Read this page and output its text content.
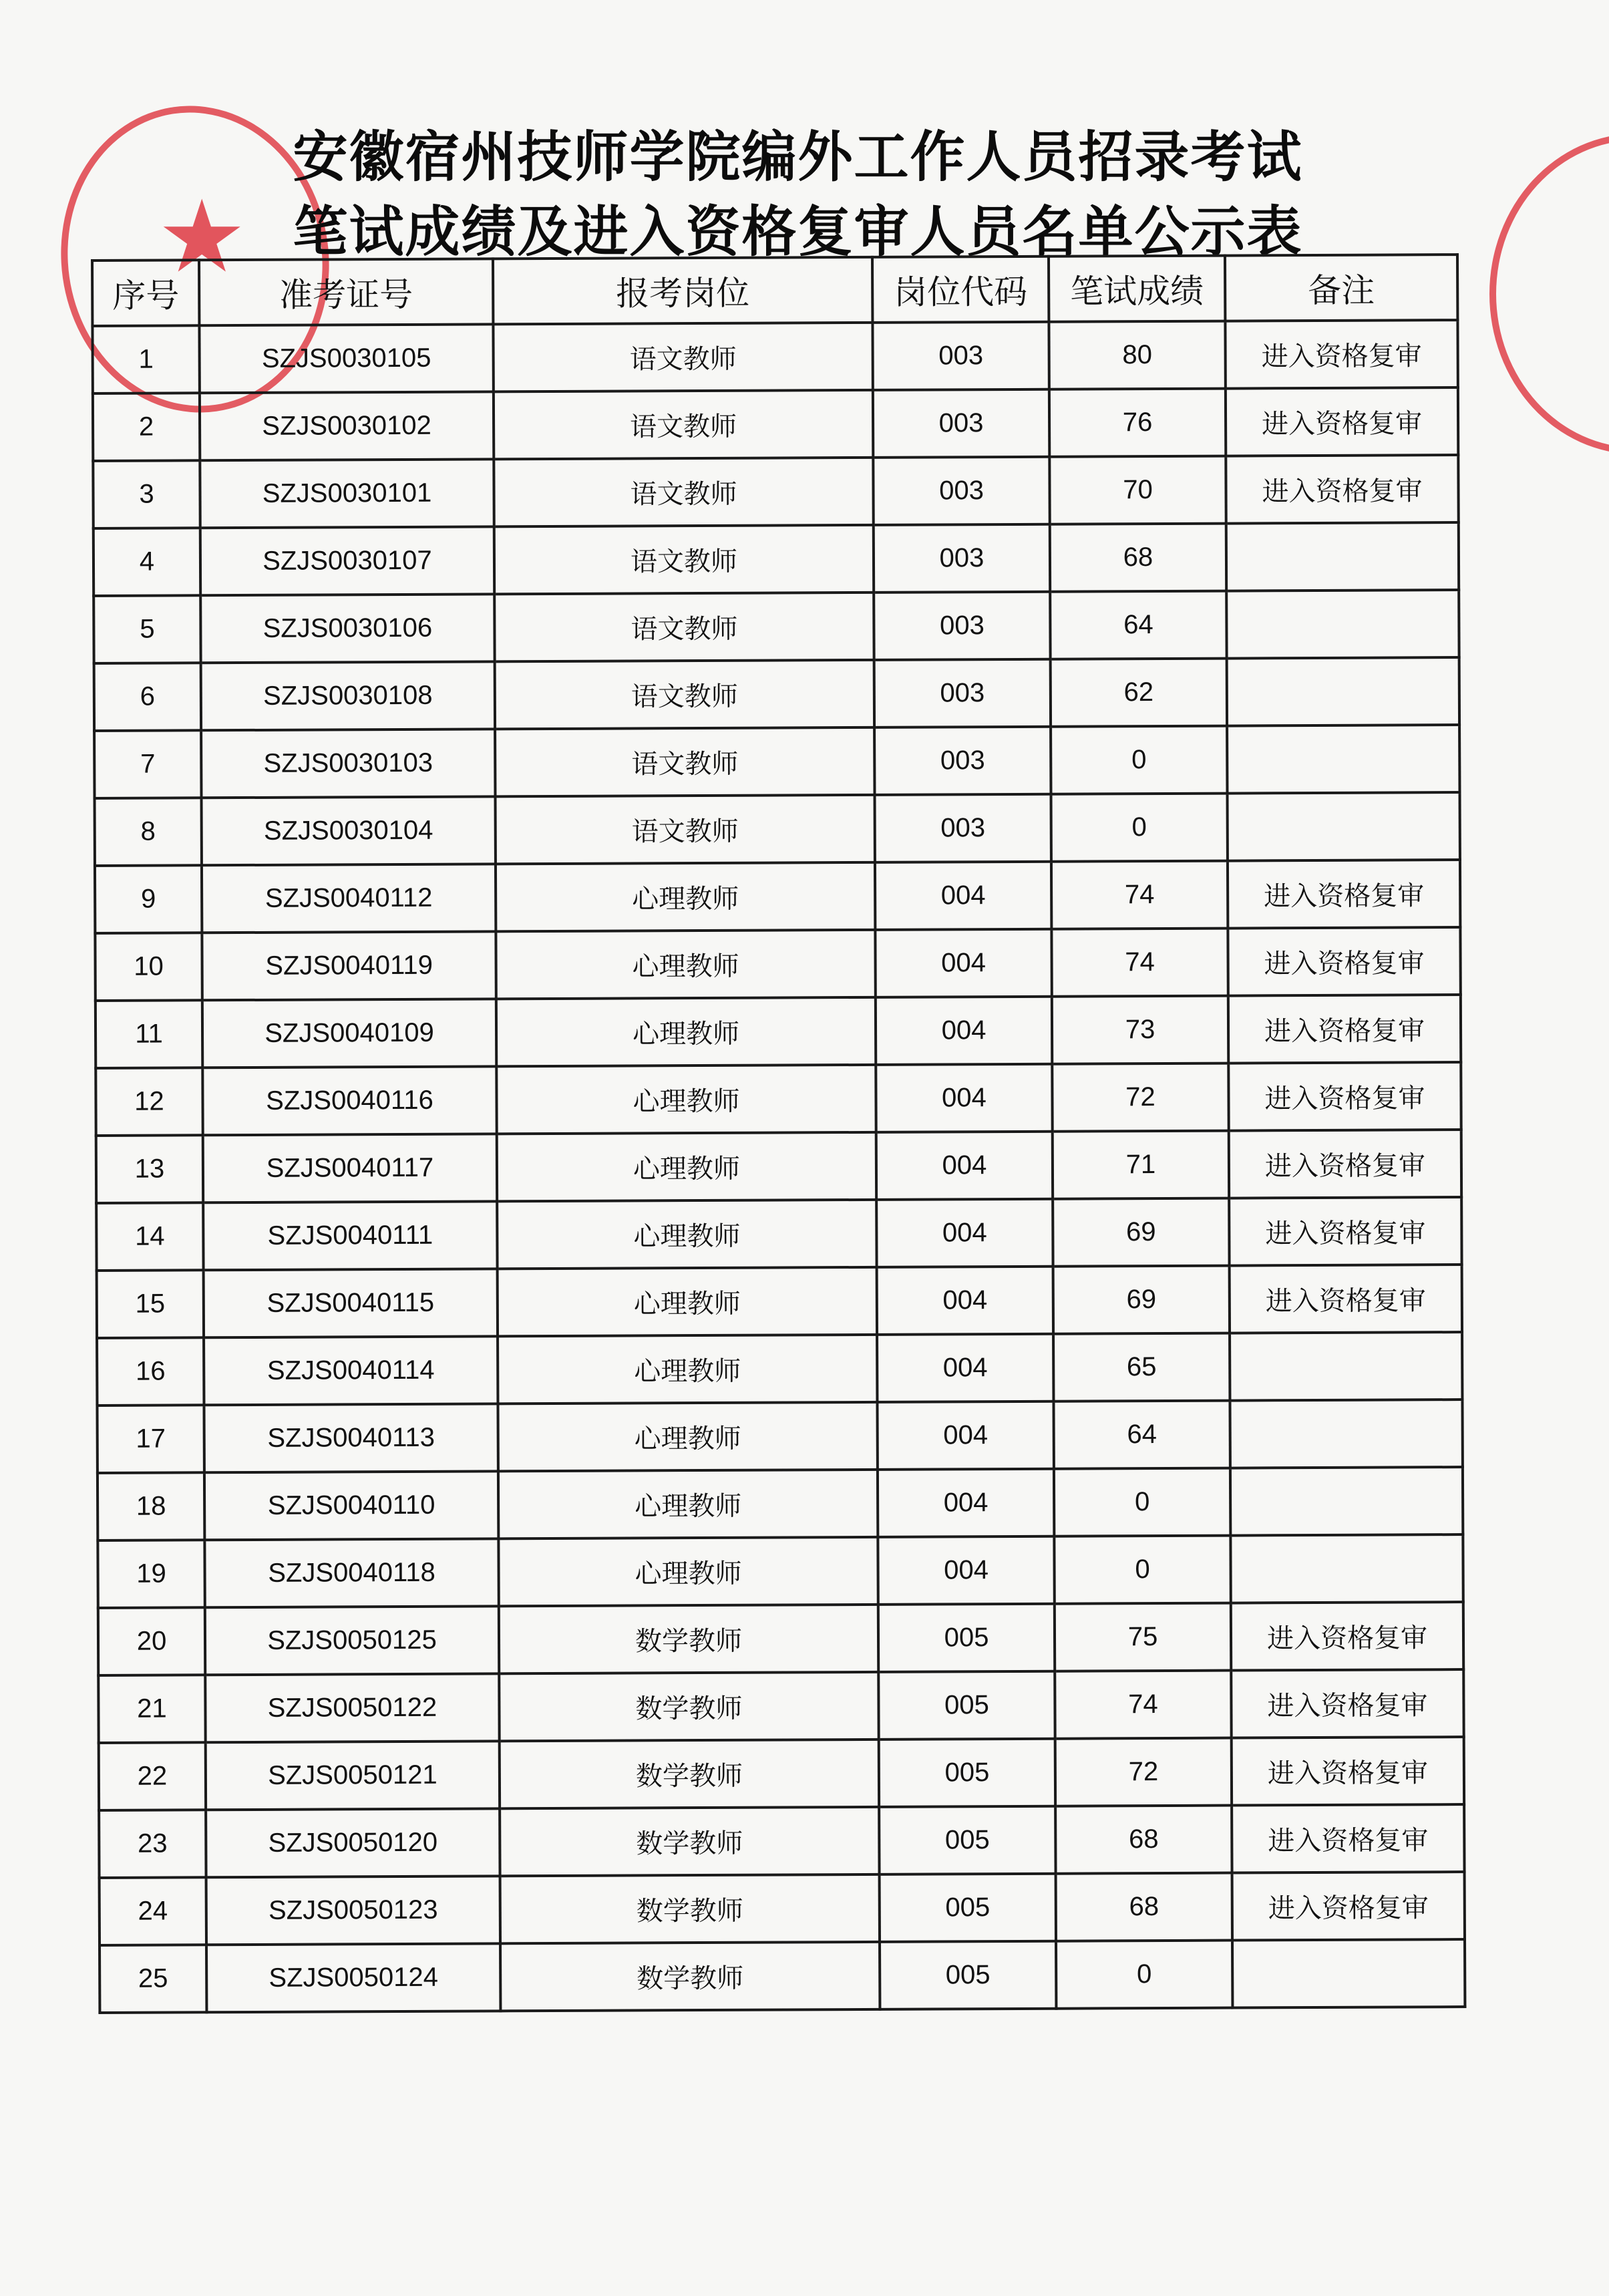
★
安徽宿州技师学院编外工作人员招录考试
笔试成绩及进入资格复审人员名单公示表
序号	准考证号	报考岗位	岗位代码	笔试成绩	备注
1	SZJS0030105	语文教师	003	80	进入资格复审
2	SZJS0030102	语文教师	003	76	进入资格复审
3	SZJS0030101	语文教师	003	70	进入资格复审
4	SZJS0030107	语文教师	003	68	
5	SZJS0030106	语文教师	003	64	
6	SZJS0030108	语文教师	003	62	
7	SZJS0030103	语文教师	003	0	
8	SZJS0030104	语文教师	003	0	
9	SZJS0040112	心理教师	004	74	进入资格复审
10	SZJS0040119	心理教师	004	74	进入资格复审
11	SZJS0040109	心理教师	004	73	进入资格复审
12	SZJS0040116	心理教师	004	72	进入资格复审
13	SZJS0040117	心理教师	004	71	进入资格复审
14	SZJS0040111	心理教师	004	69	进入资格复审
15	SZJS0040115	心理教师	004	69	进入资格复审
16	SZJS0040114	心理教师	004	65	
17	SZJS0040113	心理教师	004	64	
18	SZJS0040110	心理教师	004	0	
19	SZJS0040118	心理教师	004	0	
20	SZJS0050125	数学教师	005	75	进入资格复审
21	SZJS0050122	数学教师	005	74	进入资格复审
22	SZJS0050121	数学教师	005	72	进入资格复审
23	SZJS0050120	数学教师	005	68	进入资格复审
24	SZJS0050123	数学教师	005	68	进入资格复审
25	SZJS0050124	数学教师	005	0	
